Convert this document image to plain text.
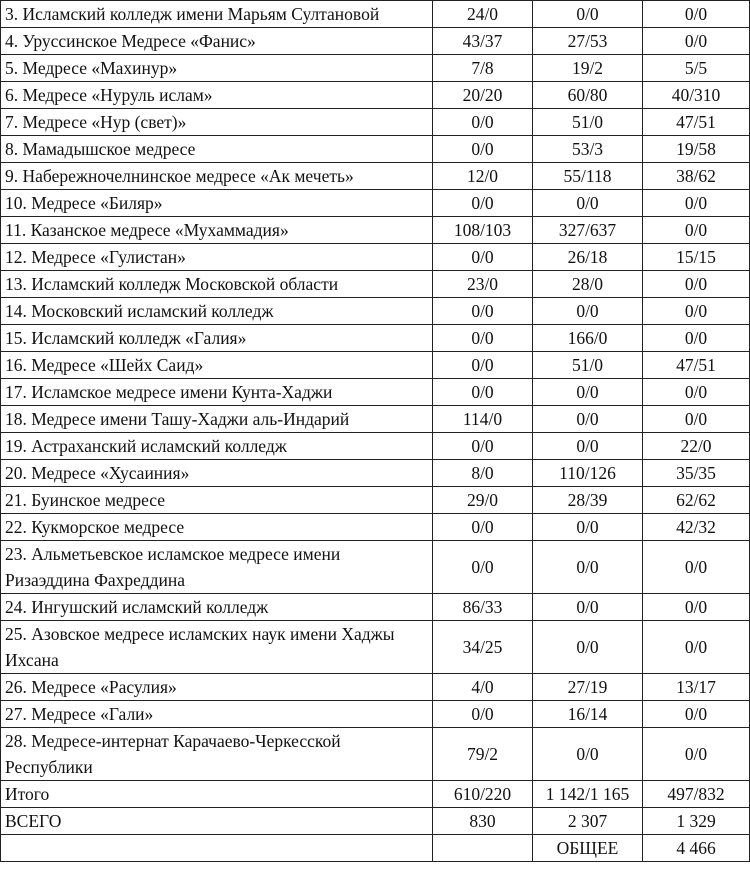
3. Исламский колледж имени Марьям Султановой	24/0	0/0	0/0
4. Уруссинское Медресе «Фанис»	43/37	27/53	0/0
5. Медресе «Махинур»	7/8	19/2	5/5
6. Медресе «Нуруль ислам»	20/20	60/80	40/310
7. Медресе «Нур (свет)»	0/0	51/0	47/51
8. Мамадышское медресе	0/0	53/3	19/58
9. Набережночелнинское медресе «Ак мечеть»	12/0	55/118	38/62
10. Медресе «Биляр»	0/0	0/0	0/0
11. Казанское медресе «Мухаммадия»	108/103	327/637	0/0
12. Медресе «Гулистан»	0/0	26/18	15/15
13. Исламский колледж Московской области	23/0	28/0	0/0
14. Московский исламский колледж	0/0	0/0	0/0
15. Исламский колледж «Галия»	0/0	166/0	0/0
16. Медресе «Шейх Саид»	0/0	51/0	47/51
17. Исламское медресе имени Кунта-Хаджи	0/0	0/0	0/0
18. Медресе имени Ташу-Хаджи аль-Индарий	114/0	0/0	0/0
19. Астраханский исламский колледж	0/0	0/0	22/0
20. Медресе «Хусаиния»	8/0	110/126	35/35
21. Буинское медресе	29/0	28/39	62/62
22. Кукморское медресе	0/0	0/0	42/32
23. Альметьевское исламское медресе имени Ризаэддина Фахреддина	0/0	0/0	0/0
24. Ингушский исламский колледж	86/33	0/0	0/0
25. Азовское медресе исламских наук имени Хаджы Ихсана	34/25	0/0	0/0
26. Медресе «Расулия»	4/0	27/19	13/17
27. Медресе «Гали»	0/0	16/14	0/0
28. Медресе-интернат Карачаево-Черкесской Республики	79/2	0/0	0/0
Итого	610/220	1 142/1 165	497/832
ВСЕГО	830	2 307	1 329
		ОБЩЕЕ	4 466
